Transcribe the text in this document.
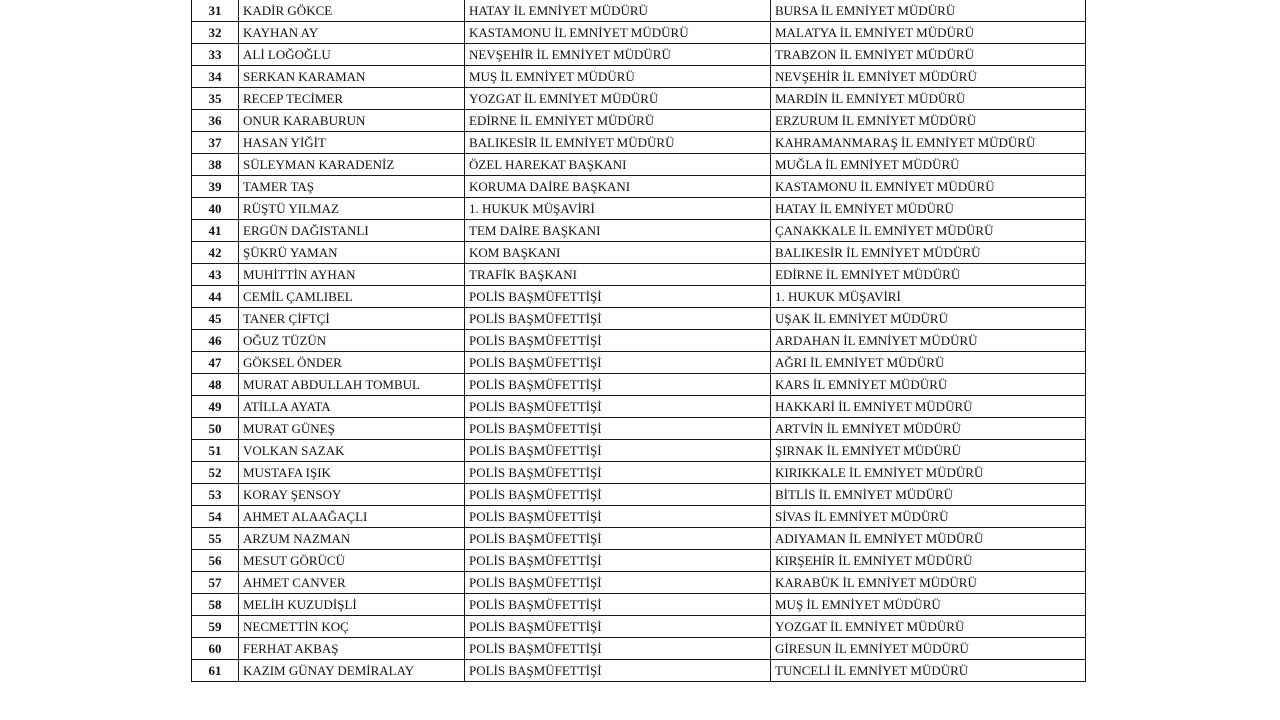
31	KADİR GÖKCE	HATAY İL EMNİYET MÜDÜRÜ	BURSA İL EMNİYET MÜDÜRÜ
32	KAYHAN AY	KASTAMONU İL EMNİYET MÜDÜRÜ	MALATYA İL EMNİYET MÜDÜRÜ
33	ALİ LOĞOĞLU	NEVŞEHİR İL EMNİYET MÜDÜRÜ	TRABZON İL EMNİYET MÜDÜRÜ
34	SERKAN KARAMAN	MUŞ İL EMNİYET MÜDÜRÜ	NEVŞEHİR İL EMNİYET MÜDÜRÜ
35	RECEP TECİMER	YOZGAT İL EMNİYET MÜDÜRÜ	MARDİN İL EMNİYET MÜDÜRÜ
36	ONUR KARABURUN	EDİRNE İL EMNİYET MÜDÜRÜ	ERZURUM İL EMNİYET MÜDÜRÜ
37	HASAN YİĞİT	BALIKESİR İL EMNİYET MÜDÜRÜ	KAHRAMANMARAŞ İL EMNİYET MÜDÜRÜ
38	SÜLEYMAN KARADENİZ	ÖZEL HAREKAT BAŞKANI	MUĞLA İL EMNİYET MÜDÜRÜ
39	TAMER TAŞ	KORUMA DAİRE BAŞKANI	KASTAMONU İL EMNİYET MÜDÜRÜ
40	RÜŞTÜ YILMAZ	1. HUKUK MÜŞAVİRİ	HATAY İL EMNİYET MÜDÜRÜ
41	ERGÜN DAĞISTANLI	TEM DAİRE BAŞKANI	ÇANAKKALE İL EMNİYET MÜDÜRÜ
42	ŞÜKRÜ YAMAN	KOM BAŞKANI	BALIKESİR İL EMNİYET MÜDÜRÜ
43	MUHİTTİN AYHAN	TRAFİK BAŞKANI	EDİRNE İL EMNİYET MÜDÜRÜ
44	CEMİL ÇAMLIBEL	POLİS BAŞMÜFETTİŞİ	1. HUKUK MÜŞAVİRİ
45	TANER ÇİFTÇİ	POLİS BAŞMÜFETTİŞİ	UŞAK İL EMNİYET MÜDÜRÜ
46	OĞUZ TÜZÜN	POLİS BAŞMÜFETTİŞİ	ARDAHAN İL EMNİYET MÜDÜRÜ
47	GÖKSEL ÖNDER	POLİS BAŞMÜFETTİŞİ	AĞRI İL EMNİYET MÜDÜRÜ
48	MURAT ABDULLAH TOMBUL	POLİS BAŞMÜFETTİŞİ	KARS İL EMNİYET MÜDÜRÜ
49	ATİLLA AYATA	POLİS BAŞMÜFETTİŞİ	HAKKARİ İL EMNİYET MÜDÜRÜ
50	MURAT GÜNEŞ	POLİS BAŞMÜFETTİŞİ	ARTVİN İL EMNİYET MÜDÜRÜ
51	VOLKAN SAZAK	POLİS BAŞMÜFETTİŞİ	ŞIRNAK İL EMNİYET MÜDÜRÜ
52	MUSTAFA IŞIK	POLİS BAŞMÜFETTİŞİ	KIRIKKALE İL EMNİYET MÜDÜRÜ
53	KORAY ŞENSOY	POLİS BAŞMÜFETTİŞİ	BİTLİS İL EMNİYET MÜDÜRÜ
54	AHMET ALAAĞAÇLI	POLİS BAŞMÜFETTİŞİ	SİVAS İL EMNİYET MÜDÜRÜ
55	ARZUM NAZMAN	POLİS BAŞMÜFETTİŞİ	ADIYAMAN İL EMNİYET MÜDÜRÜ
56	MESUT GÖRÜCÜ	POLİS BAŞMÜFETTİŞİ	KIRŞEHİR İL EMNİYET MÜDÜRÜ
57	AHMET CANVER	POLİS BAŞMÜFETTİŞİ	KARABÜK İL EMNİYET MÜDÜRÜ
58	MELİH KUZUDİŞLİ	POLİS BAŞMÜFETTİŞİ	MUŞ İL EMNİYET MÜDÜRÜ
59	NECMETTİN KOÇ	POLİS BAŞMÜFETTİŞİ	YOZGAT İL EMNİYET MÜDÜRÜ
60	FERHAT AKBAŞ	POLİS BAŞMÜFETTİŞİ	GİRESUN İL EMNİYET MÜDÜRÜ
61	KAZIM GÜNAY DEMİRALAY	POLİS BAŞMÜFETTİŞİ	TUNCELİ İL EMNİYET MÜDÜRÜ
